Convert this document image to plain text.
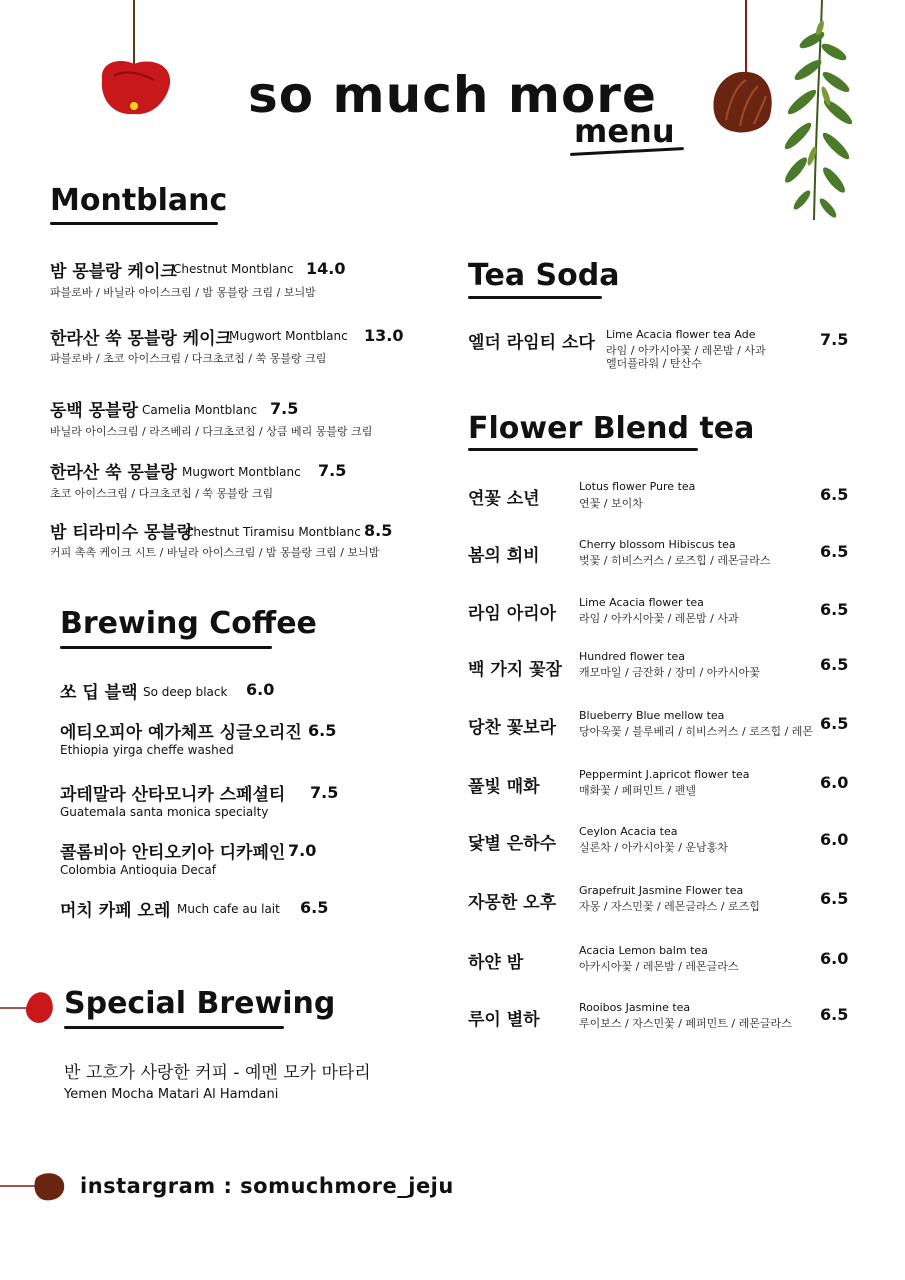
so much more
menu
Montblanc
밤 몽블랑 케이크
Chestnut Montblanc 14.0
파블로바 / 바닐라 아이스크림 / 밤 몽블랑 크림 / 보늬밤
한라산 쑥 몽블랑 케이크
Mugwort Montblanc 13.0
파블로바 / 초코 아이스크림 / 다크초코칩 / 쑥 몽블랑 크림
동백 몽블랑 Camelia Montblanc 7.5
바닐라 아이스크림 / 라즈베리 / 다크초코칩 / 상큼 베리 몽블랑 크림
한라산 쑥 몽블랑 Mugwort Montblanc 7.5
초코 아이스크림 / 다크초코칩 / 쑥 몽블랑 크림
밤 티라미수 몽블랑
Chestnut Tiramisu Montblanc 8.5
커피 촉촉 케이크 시트 / 바닐라 아이스크림 / 밤 몽블랑 크림 / 보늬밤
Brewing Coffee
쏘 딥 블랙 So deep black 6.0
에티오피아 예가체프 싱글오리진 6.5
Ethiopia yirga cheffe washed
과테말라 산타모니카 스페셜티 7.5
Guatemala santa monica specialty
콜롬비아 안티오키아 디카페인 7.0
Colombia Antioquia Decaf
머치 카페 오레 Much cafe au lait 6.5
Special Brewing
반 고흐가 사랑한 커피 - 예멘 모카 마타리
Yemen Mocha Matari Al Hamdani
Tea Soda
엘더 라임티 소다 Lime Acacia flower tea Ade
라임 / 아카시아꽃 / 레몬밤 / 사과
엘더플라워 / 탄산수
7.5
Flower Blend tea
연꽃 소년
Lotus flower Pure tea
연꽃 / 보이차	6.5
봄의 희비
Cherry blossom Hibiscus tea
벚꽃 / 히비스커스 / 로즈힙 / 레몬글라스	6.5
라임 아리아
Lime Acacia flower tea
라임 / 아카시아꽃 / 레몬밤 / 사과	6.5
백 가지 꽃잠
Hundred flower tea
캐모마일 / 금잔화 / 장미 / 아카시아꽃	6.5
당찬 꽃보라
Blueberry Blue mellow tea
당아욱꽃 / 블루베리 / 히비스커스 / 로즈힙 / 레몬 6.5
풀빛 매화
Peppermint J.apricot flower tea
매화꽃 / 페퍼민트 / 펜넬	6.0
닻별 은하수
Ceylon Acacia tea
실론차 / 아카시아꽃 / 운남홍차	6.0
자몽한 오후
Grapefruit Jasmine Flower tea
자몽 / 자스민꽃 / 레몬글라스 / 로즈힙	6.5
하얀 밤
Acacia Lemon balm tea
아카시아꽃 / 레몬밤 / 레몬글라스	6.0
루이 별하
Rooibos Jasmine tea
루이보스 / 자스민꽃 / 페퍼민트 / 레몬글라스 6.5
instargram : somuchmore_jeju
